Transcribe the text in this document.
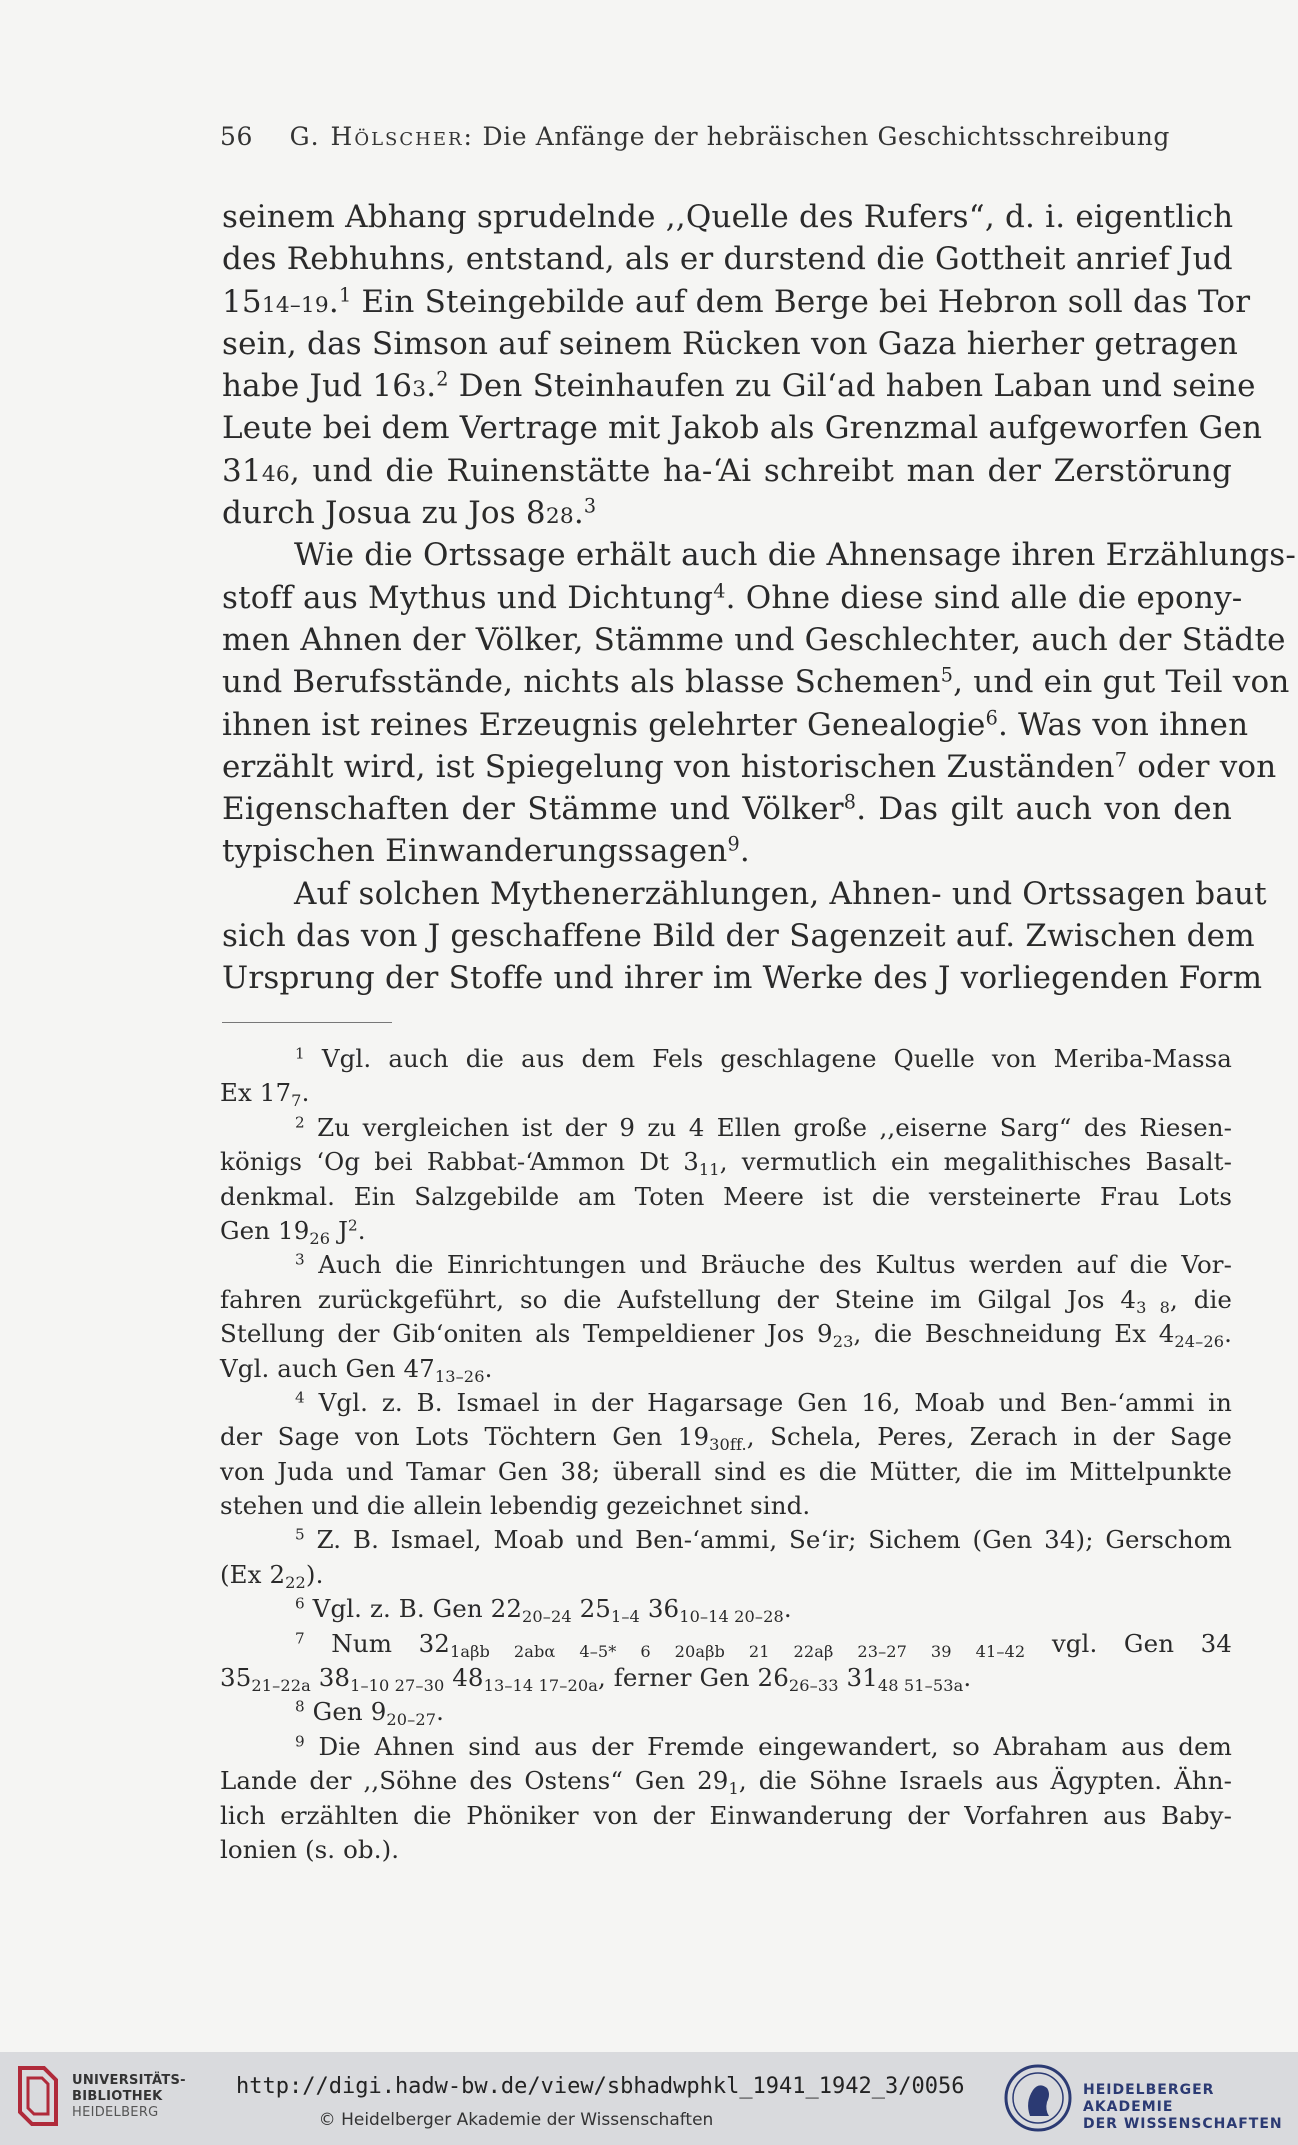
56 G. Hölscher: Die Anfänge der hebräischen Geschichtsschreibung
seinem Abhang sprudelnde ,,Quelle des Rufers“, d. i. eigentlich
des Rebhuhns, entstand, als er durstend die Gottheit anrief Jud
1514–19.$^1$ Ein Steingebilde auf dem Berge bei Hebron soll das Tor
sein, das Simson auf seinem Rücken von Gaza hierher getragen
habe Jud 163.$^2$ Den Steinhaufen zu Gil‘ad haben Laban und seine
Leute bei dem Vertrage mit Jakob als Grenzmal aufgeworfen Gen
3146, und die Ruinenstätte ha-‘Ai schreibt man der Zerstörung
durch Josua zu Jos 828.$^3$
Wie die Ortssage erhält auch die Ahnensage ihren Erzählungs-
stoff aus Mythus und Dichtung$^4$. Ohne diese sind alle die epony-
men Ahnen der Völker, Stämme und Geschlechter, auch der Städte
und Berufsstände, nichts als blasse Schemen$^5$, und ein gut Teil von
ihnen ist reines Erzeugnis gelehrter Genealogie$^6$. Was von ihnen
erzählt wird, ist Spiegelung von historischen Zuständen$^7$ oder von
Eigenschaften der Stämme und Völker$^8$. Das gilt auch von den
typischen Einwanderungssagen$^9$.
Auf solchen Mythenerzählungen, Ahnen- und Ortssagen baut
sich das von J geschaffene Bild der Sagenzeit auf. Zwischen dem
Ursprung der Stoffe und ihrer im Werke des J vorliegenden Form
$^1$ Vgl. auch die aus dem Fels geschlagene Quelle von Meriba-Massa
Ex $17_7$.
$^2$ Zu vergleichen ist der 9 zu 4 Ellen große ,,eiserne Sarg“ des Riesen-
königs ‘Og bei Rabbat-‘Ammon Dt $3_{11}$, vermutlich ein megalithisches Basalt-
denkmal. Ein Salzgebilde am Toten Meere ist die versteinerte Frau Lots
Gen $19_{26}$ $J^2$.
$^3$ Auch die Einrichtungen und Bräuche des Kultus werden auf die Vor-
fahren zurückgeführt, so die Aufstellung der Steine im Gilgal Jos $4_{3 8}$, die
Stellung der Gib‘oniten als Tempeldiener Jos $9_{23}$, die Beschneidung Ex $4_{24-26}$.
Vgl. auch Gen $47_{13-26}$.
$^4$ Vgl. z. B. Ismael in der Hagarsage Gen 16, Moab und Ben-‘ammi in
der Sage von Lots Töchtern Gen $19_{30ff.}$, Schela, Peres, Zerach in der Sage
von Juda und Tamar Gen 38; überall sind es die Mütter, die im Mittelpunkte
stehen und die allein lebendig gezeichnet sind.
$^5$ Z. B. Ismael, Moab und Ben-‘ammi, Se‘ir; Sichem (Gen 34); Gerschom
(Ex $2_{22}$).
$^6$ Vgl. z. B. Gen $22_{20-24}$ $25_{1-4}$ $36_{10-14 20-28}$.
$^7$ Num $32_{1a\beta b 2ab\alpha 4-5* 6 20a\beta b 21 22a\beta 23-27 39 41-42}$ vgl. Gen 34
$35_{21-22a}$ $38_{1-10 27-30}$ $48_{13-14 17-20a}$, ferner Gen $26_{26-33}$ $31_{48 51-53a}$.
$^8$ Gen $9_{20-27}$.
$^9$ Die Ahnen sind aus der Fremde eingewandert, so Abraham aus dem
Lande der ,,Söhne des Ostens“ Gen $29_1$, die Söhne Israels aus Ägypten. Ähn-
lich erzählten die Phöniker von der Einwanderung der Vorfahren aus Baby-
lonien (s. ob.).
UNIVERSITÄTS-
BIBLIOTHEK
HEIDELBERG
http://digi.hadw-bw.de/view/sbhadwphkl_1941_1942_3/0056
© Heidelberger Akademie der Wissenschaften
HEIDELBERGER AKADEMIE
DER WISSENSCHAFTEN
